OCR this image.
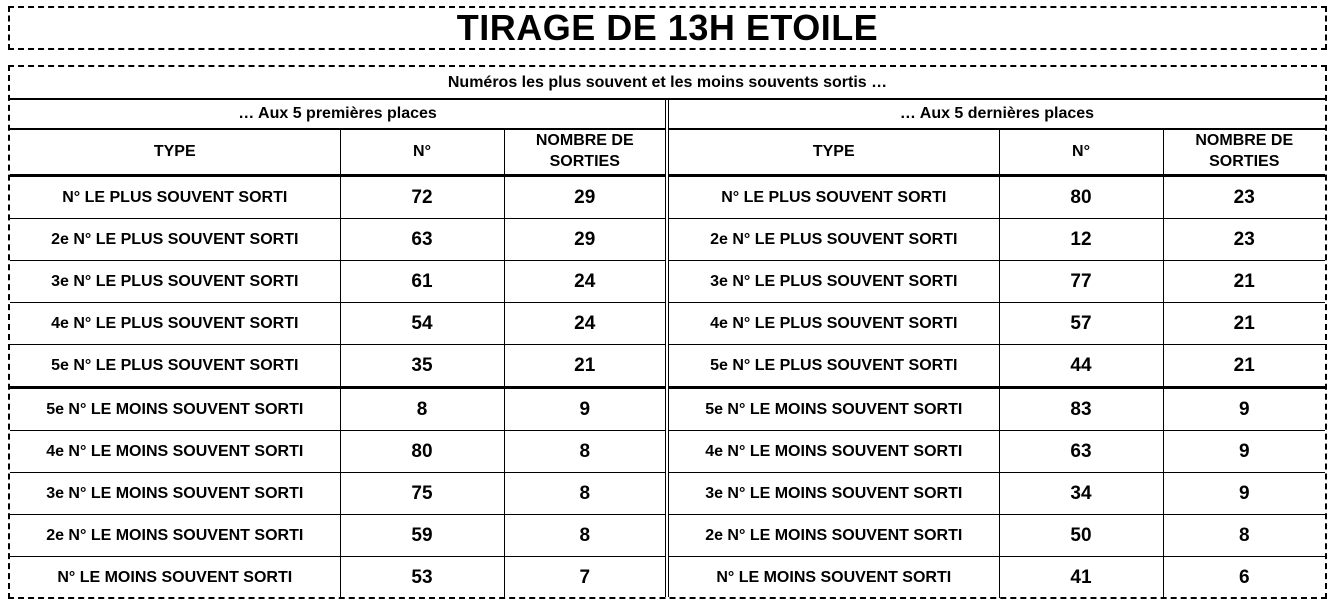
TIRAGE DE 13H ETOILE
Numéros les plus souvent et les moins souvents sortis …
… Aux 5 premières places		
TYPE	N°	NOMBRE DE SORTIES
N° LE PLUS SOUVENT SORTI	72	29
2e N° LE PLUS SOUVENT SORTI	63	29
3e N° LE PLUS SOUVENT SORTI	61	24
4e N° LE PLUS SOUVENT SORTI	54	24
5e N° LE PLUS SOUVENT SORTI	35	21
5e N° LE MOINS SOUVENT SORTI	8	9
4e N° LE MOINS SOUVENT SORTI	80	8
3e N° LE MOINS SOUVENT SORTI	75	8
2e N° LE MOINS SOUVENT SORTI	59	8
N° LE MOINS SOUVENT SORTI	53	7
… Aux 5 dernières places		
TYPE	N°	NOMBRE DE SORTIES
N° LE PLUS SOUVENT SORTI	80	23
2e N° LE PLUS SOUVENT SORTI	12	23
3e N° LE PLUS SOUVENT SORTI	77	21
4e N° LE PLUS SOUVENT SORTI	57	21
5e N° LE PLUS SOUVENT SORTI	44	21
5e N° LE MOINS SOUVENT SORTI	83	9
4e N° LE MOINS SOUVENT SORTI	63	9
3e N° LE MOINS SOUVENT SORTI	34	9
2e N° LE MOINS SOUVENT SORTI	50	8
N° LE MOINS SOUVENT SORTI	41	6
